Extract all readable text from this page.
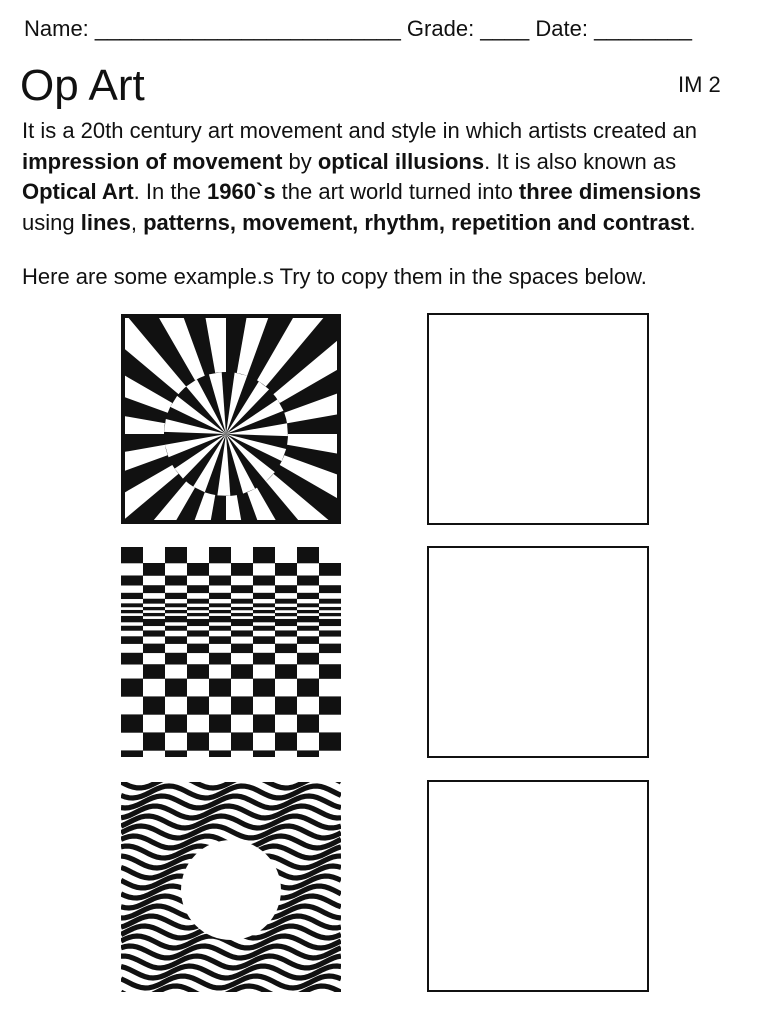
Name: _________________________ Grade: ____ Date: ________
Op Art	IM 2

It is a 20th century art movement and style in which artists created an impression of movement by optical illusions. It is also known as Optical Art. In the 1960`s the art world turned into three dimensions using lines, patterns, movement, rhythm, repetition and contrast.

Here are some example.s Try to copy them in the spaces below.
